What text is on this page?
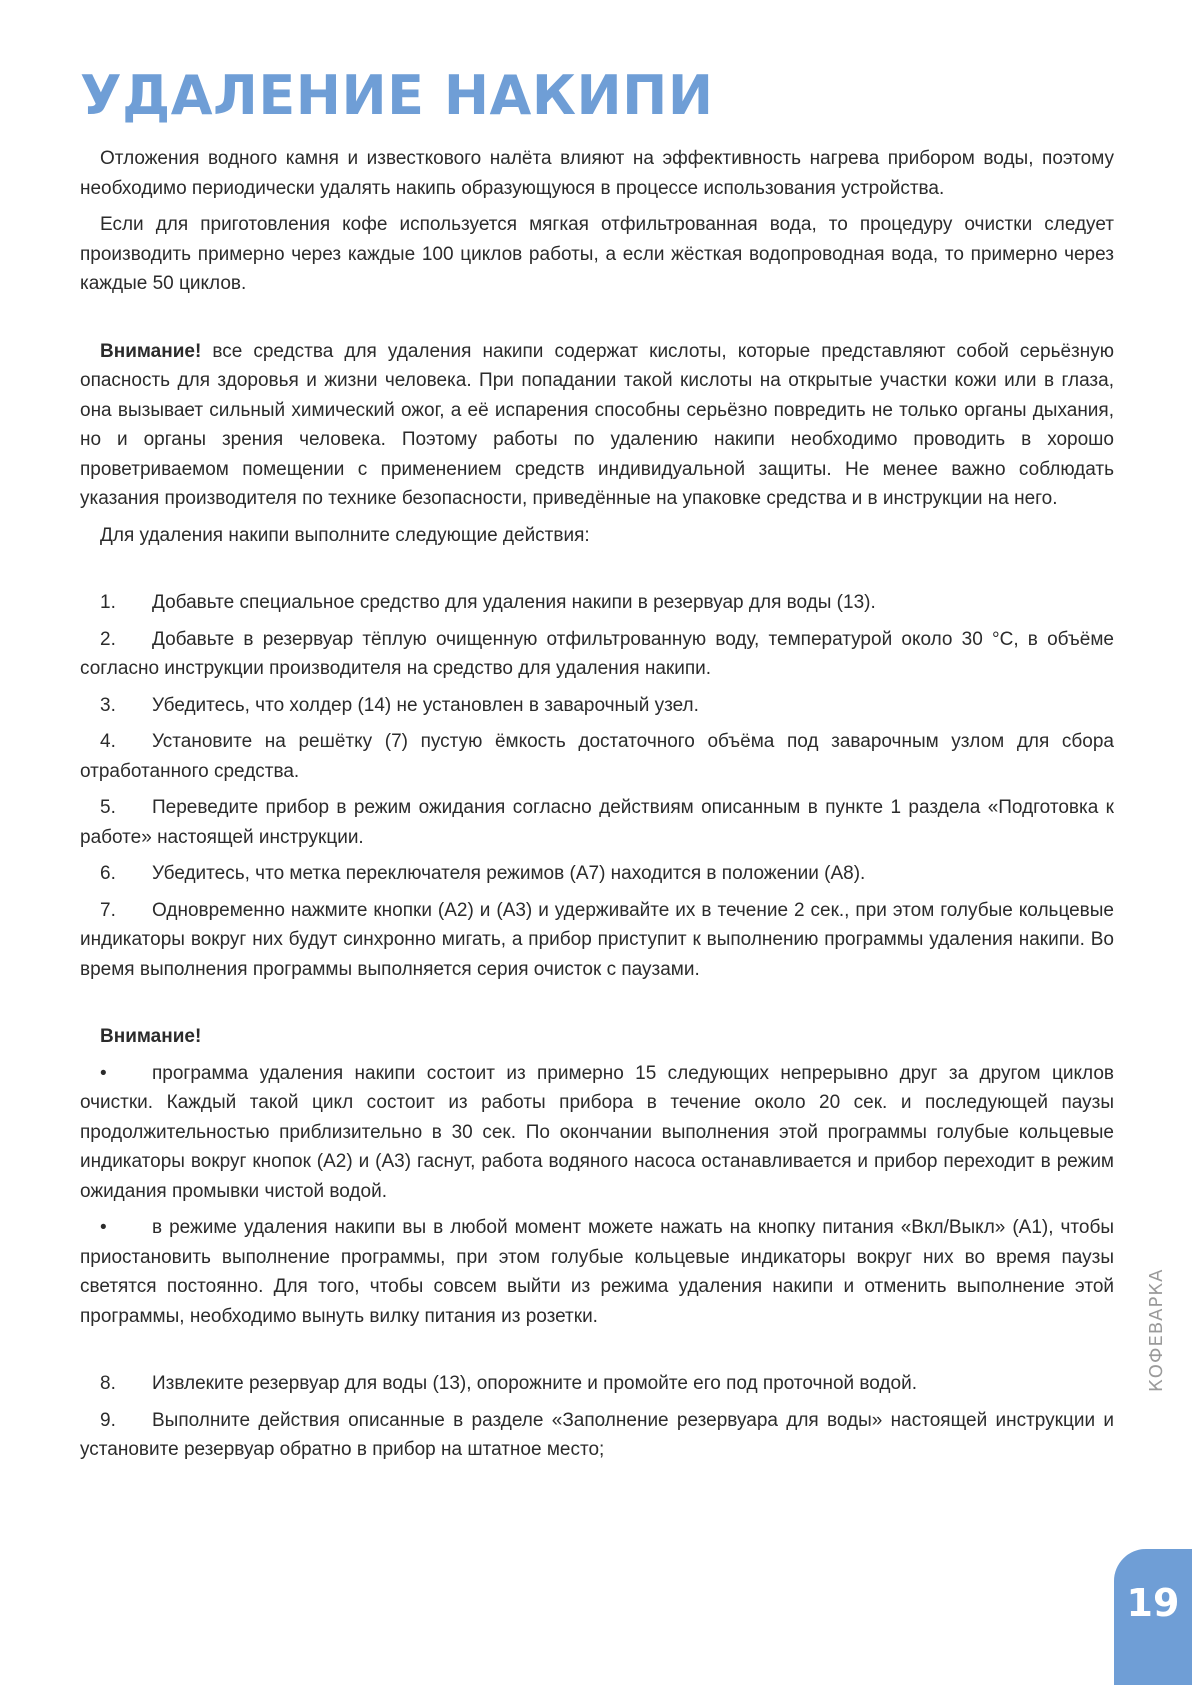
УДАЛЕНИЕ НАКИПИ

Отложения водного камня и известкового налёта влияют на эффективность нагрева прибором воды, поэтому необходимо периодически удалять накипь образующуюся в процессе использования устройства.

Если для приготовления кофе используется мягкая отфильтрованная вода, то процедуру очистки следует производить примерно через каждые 100 циклов работы, а если жёсткая водопроводная вода, то примерно через каждые 50 циклов.

Внимание! все средства для удаления накипи содержат кислоты, которые представляют собой серьёзную опасность для здоровья и жизни человека. При попадании такой кислоты на открытые участки кожи или в глаза, она вызывает сильный химический ожог, а её испарения способны серьёзно повредить не только органы дыхания, но и органы зрения человека. Поэтому работы по удалению накипи необходимо проводить в хорошо проветриваемом помещении с применением средств индивидуальной защиты. Не менее важно соблюдать указания производителя по технике безопасности, приведённые на упаковке средства и в инструкции на него.

Для удаления накипи выполните следующие действия:

1. Добавьте специальное средство для удаления накипи в резервуар для воды (13).

2. Добавьте в резервуар тёплую очищенную отфильтрованную воду, температурой около 30 °С, в объёме согласно инструкции производителя на средство для удаления накипи.

3. Убедитесь, что холдер (14) не установлен в заварочный узел.

4. Установите на решётку (7) пустую ёмкость достаточного объёма под заварочным узлом для сбора отработанного средства.

5. Переведите прибор в режим ожидания согласно действиям описанным в пункте 1 раздела «Подготовка к работе» настоящей инструкции.

6. Убедитесь, что метка переключателя режимов (А7) находится в положении (А8).

7. Одновременно нажмите кнопки (А2) и (А3) и удерживайте их в течение 2 сек., при этом голубые кольцевые индикаторы вокруг них будут синхронно мигать, а прибор приступит к выполнению программы удаления накипи. Во время выполнения программы выполняется серия очисток с паузами.

Внимание!

• программа удаления накипи состоит из примерно 15 следующих непрерывно друг за другом циклов очистки. Каждый такой цикл состоит из работы прибора в течение около 20 сек. и последующей паузы продолжительностью приблизительно в 30 сек. По окончании выполнения этой программы голубые кольцевые индикаторы вокруг кнопок (А2) и (А3) гаснут, работа водяного насоса останавливается и прибор переходит в режим ожидания промывки чистой водой.

• в режиме удаления накипи вы в любой момент можете нажать на кнопку питания «Вкл/Выкл» (А1), чтобы приостановить выполнение программы, при этом голубые кольцевые индикаторы вокруг них во время паузы светятся постоянно. Для того, чтобы совсем выйти из режима удаления накипи и отменить выполнение этой программы, необходимо вынуть вилку питания из розетки.

8. Извлеките резервуар для воды (13), опорожните и промойте его под проточной водой.

9. Выполните действия описанные в разделе «Заполнение резервуара для воды» настоящей инструкции и установите резервуар обратно в прибор на штатное место;

КОФЕВАРКА
19
